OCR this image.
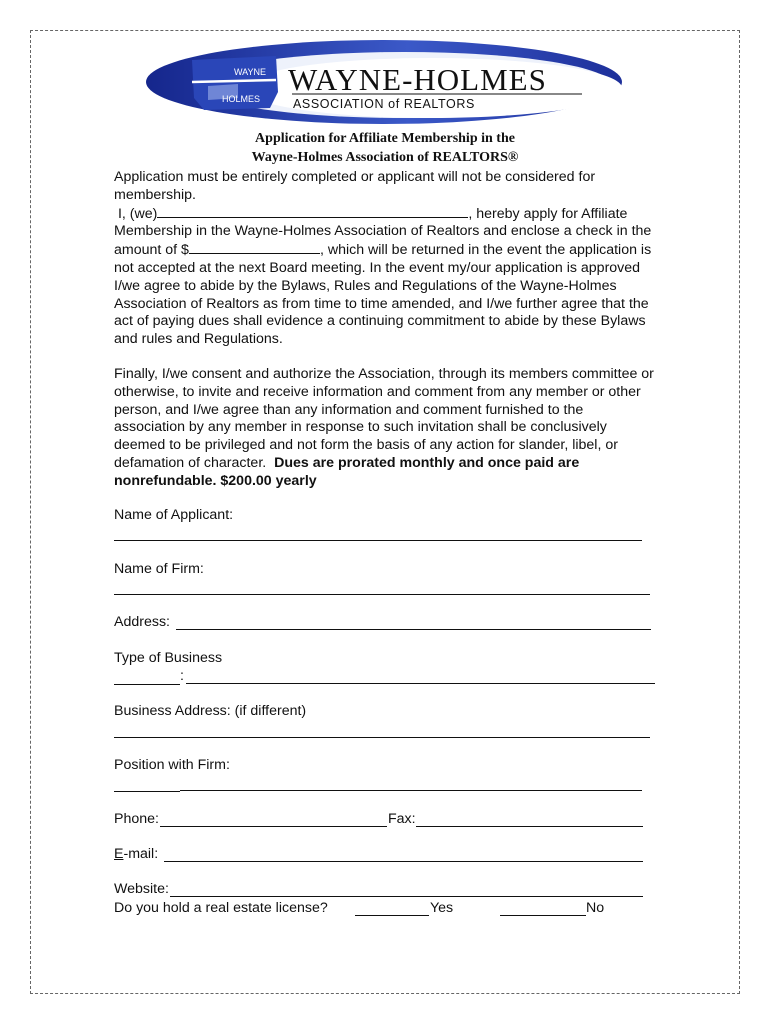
WAYNE
HOLMES
WAYNE-HOLMES
ASSOCIATION of REALTORS
Application for Affiliate Membership in the
Wayne-Holmes Association of REALTORS®
Application must be entirely completed or applicant will not be considered for membership.
I, (we)	, hereby apply for Affiliate Membership in the Wayne-Holmes Association of Realtors and enclose a check in the amount of $	, which will be returned in the event the application is not accepted at the next Board meeting. In the event my/our application is approved I/we agree to abide by the Bylaws, Rules and Regulations of the Wayne-Holmes Association of Realtors as from time to time amended, and I/we further agree that the act of paying dues shall evidence a continuing commitment to abide by these Bylaws and rules and Regulations.
Finally, I/we consent and authorize the Association, through its members committee or otherwise, to invite and receive information and comment from any member or other person, and I/we agree than any information and comment furnished to the association by any member in response to such invitation shall be conclusively deemed to be privileged and not form the basis of any action for slander, libel, or defamation of character. Dues are prorated monthly and once paid are nonrefundable. $200.00 yearly
Name of Applicant:
Name of Firm:
Address:
Type of Business
:
Business Address: (if different)
Position with Firm:
Phone:	Fax:
E-mail:
Website:
Do you hold a real estate license?	Yes	No
